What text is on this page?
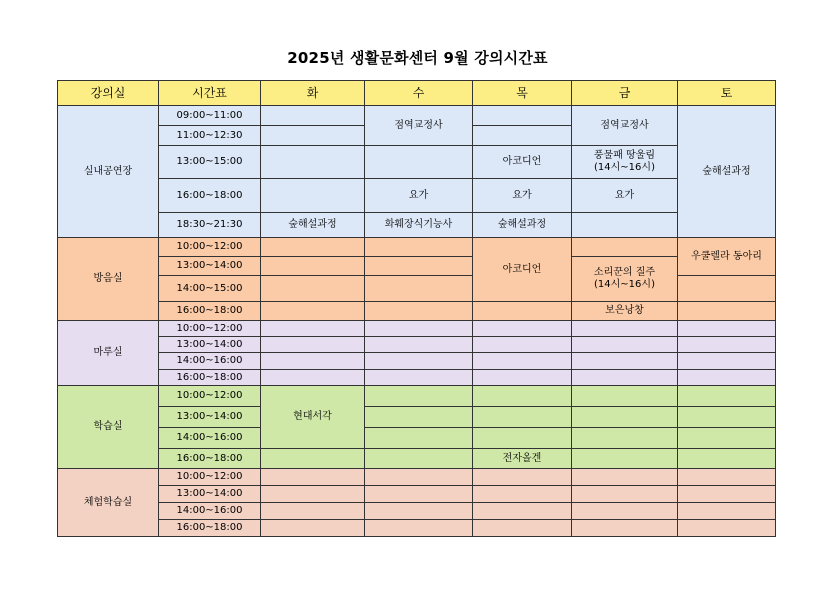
2025년 생활문화센터 9월 강의시간표
강의실	시간표	화	수	목	금	토
실내공연장	09:00~11:00		점역교정사		점역교정사	숲해설과정
	11:00~12:30					
	13:00~15:00			아코디언	풍물패 땅울림
(14시~16시)	

	16:00~18:00		요가	요가	요가	
	18:30~21:30	숲해설과정	화훼장식기능사	숲해설과정		
방음실	10:00~12:00			아코디언		우쿨렐라 동아리
	13:00~14:00				소리꾼의 질주
(14시~16시)	

	14:00~15:00					
	16:00~18:00				보은낭창	
마루실	10:00~12:00					
	13:00~14:00					
	14:00~16:00					
	16:00~18:00					
학습실	10:00~12:00	현대서각				
	13:00~14:00					
	14:00~16:00					
	16:00~18:00			전자올겐		
체험학습실	10:00~12:00					
	13:00~14:00					
	14:00~16:00					
	16:00~18:00					
